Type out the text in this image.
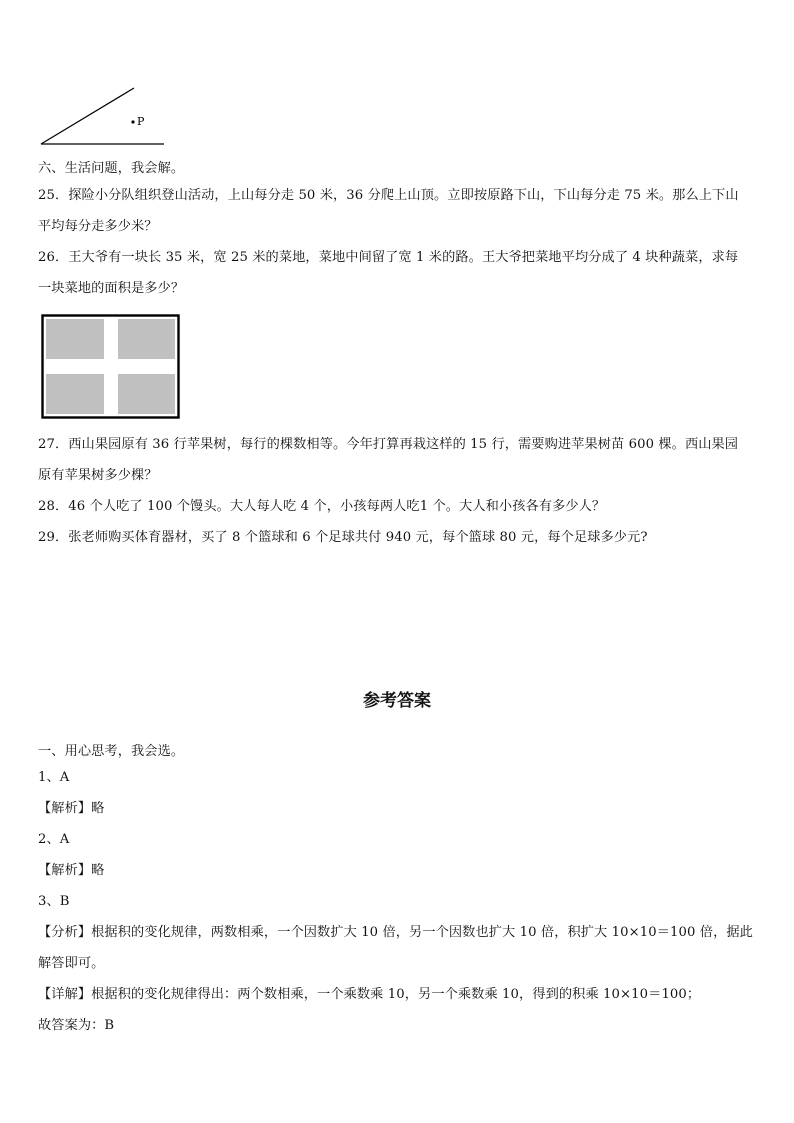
P
六、生活问题，我会解。
25．探险小分队组织登山活动，上山每分走 50 米，36 分爬上山顶。立即按原路下山，下山每分走 75 米。那么上下山
平均每分走多少米？
26．王大爷有一块长 35 米，宽 25 米的菜地，菜地中间留了宽 1 米的路。王大爷把菜地平均分成了 4 块种蔬菜，求每
一块菜地的面积是多少？
27．西山果园原有 36 行苹果树，每行的棵数相等。今年打算再栽这样的 15 行，需要购进苹果树苗 600 棵。西山果园
原有苹果树多少棵？
28．46 个人吃了 100 个馒头。大人每人吃 4 个，小孩每两人吃1 个。大人和小孩各有多少人？
29．张老师购买体育器材，买了 8 个篮球和 6 个足球共付 940 元，每个篮球 80 元，每个足球多少元?
参考答案
一、用心思考，我会选。
1、A
【解析】略
2、A
【解析】略
3、B
【分析】根据积的变化规律，两数相乘，一个因数扩大 10 倍，另一个因数也扩大 10 倍，积扩大 10×10＝100 倍，据此
解答即可。
【详解】根据积的变化规律得出：两个数相乘，一个乘数乘 10，另一个乘数乘 10，得到的积乘 10×10＝100；
故答案为：B
